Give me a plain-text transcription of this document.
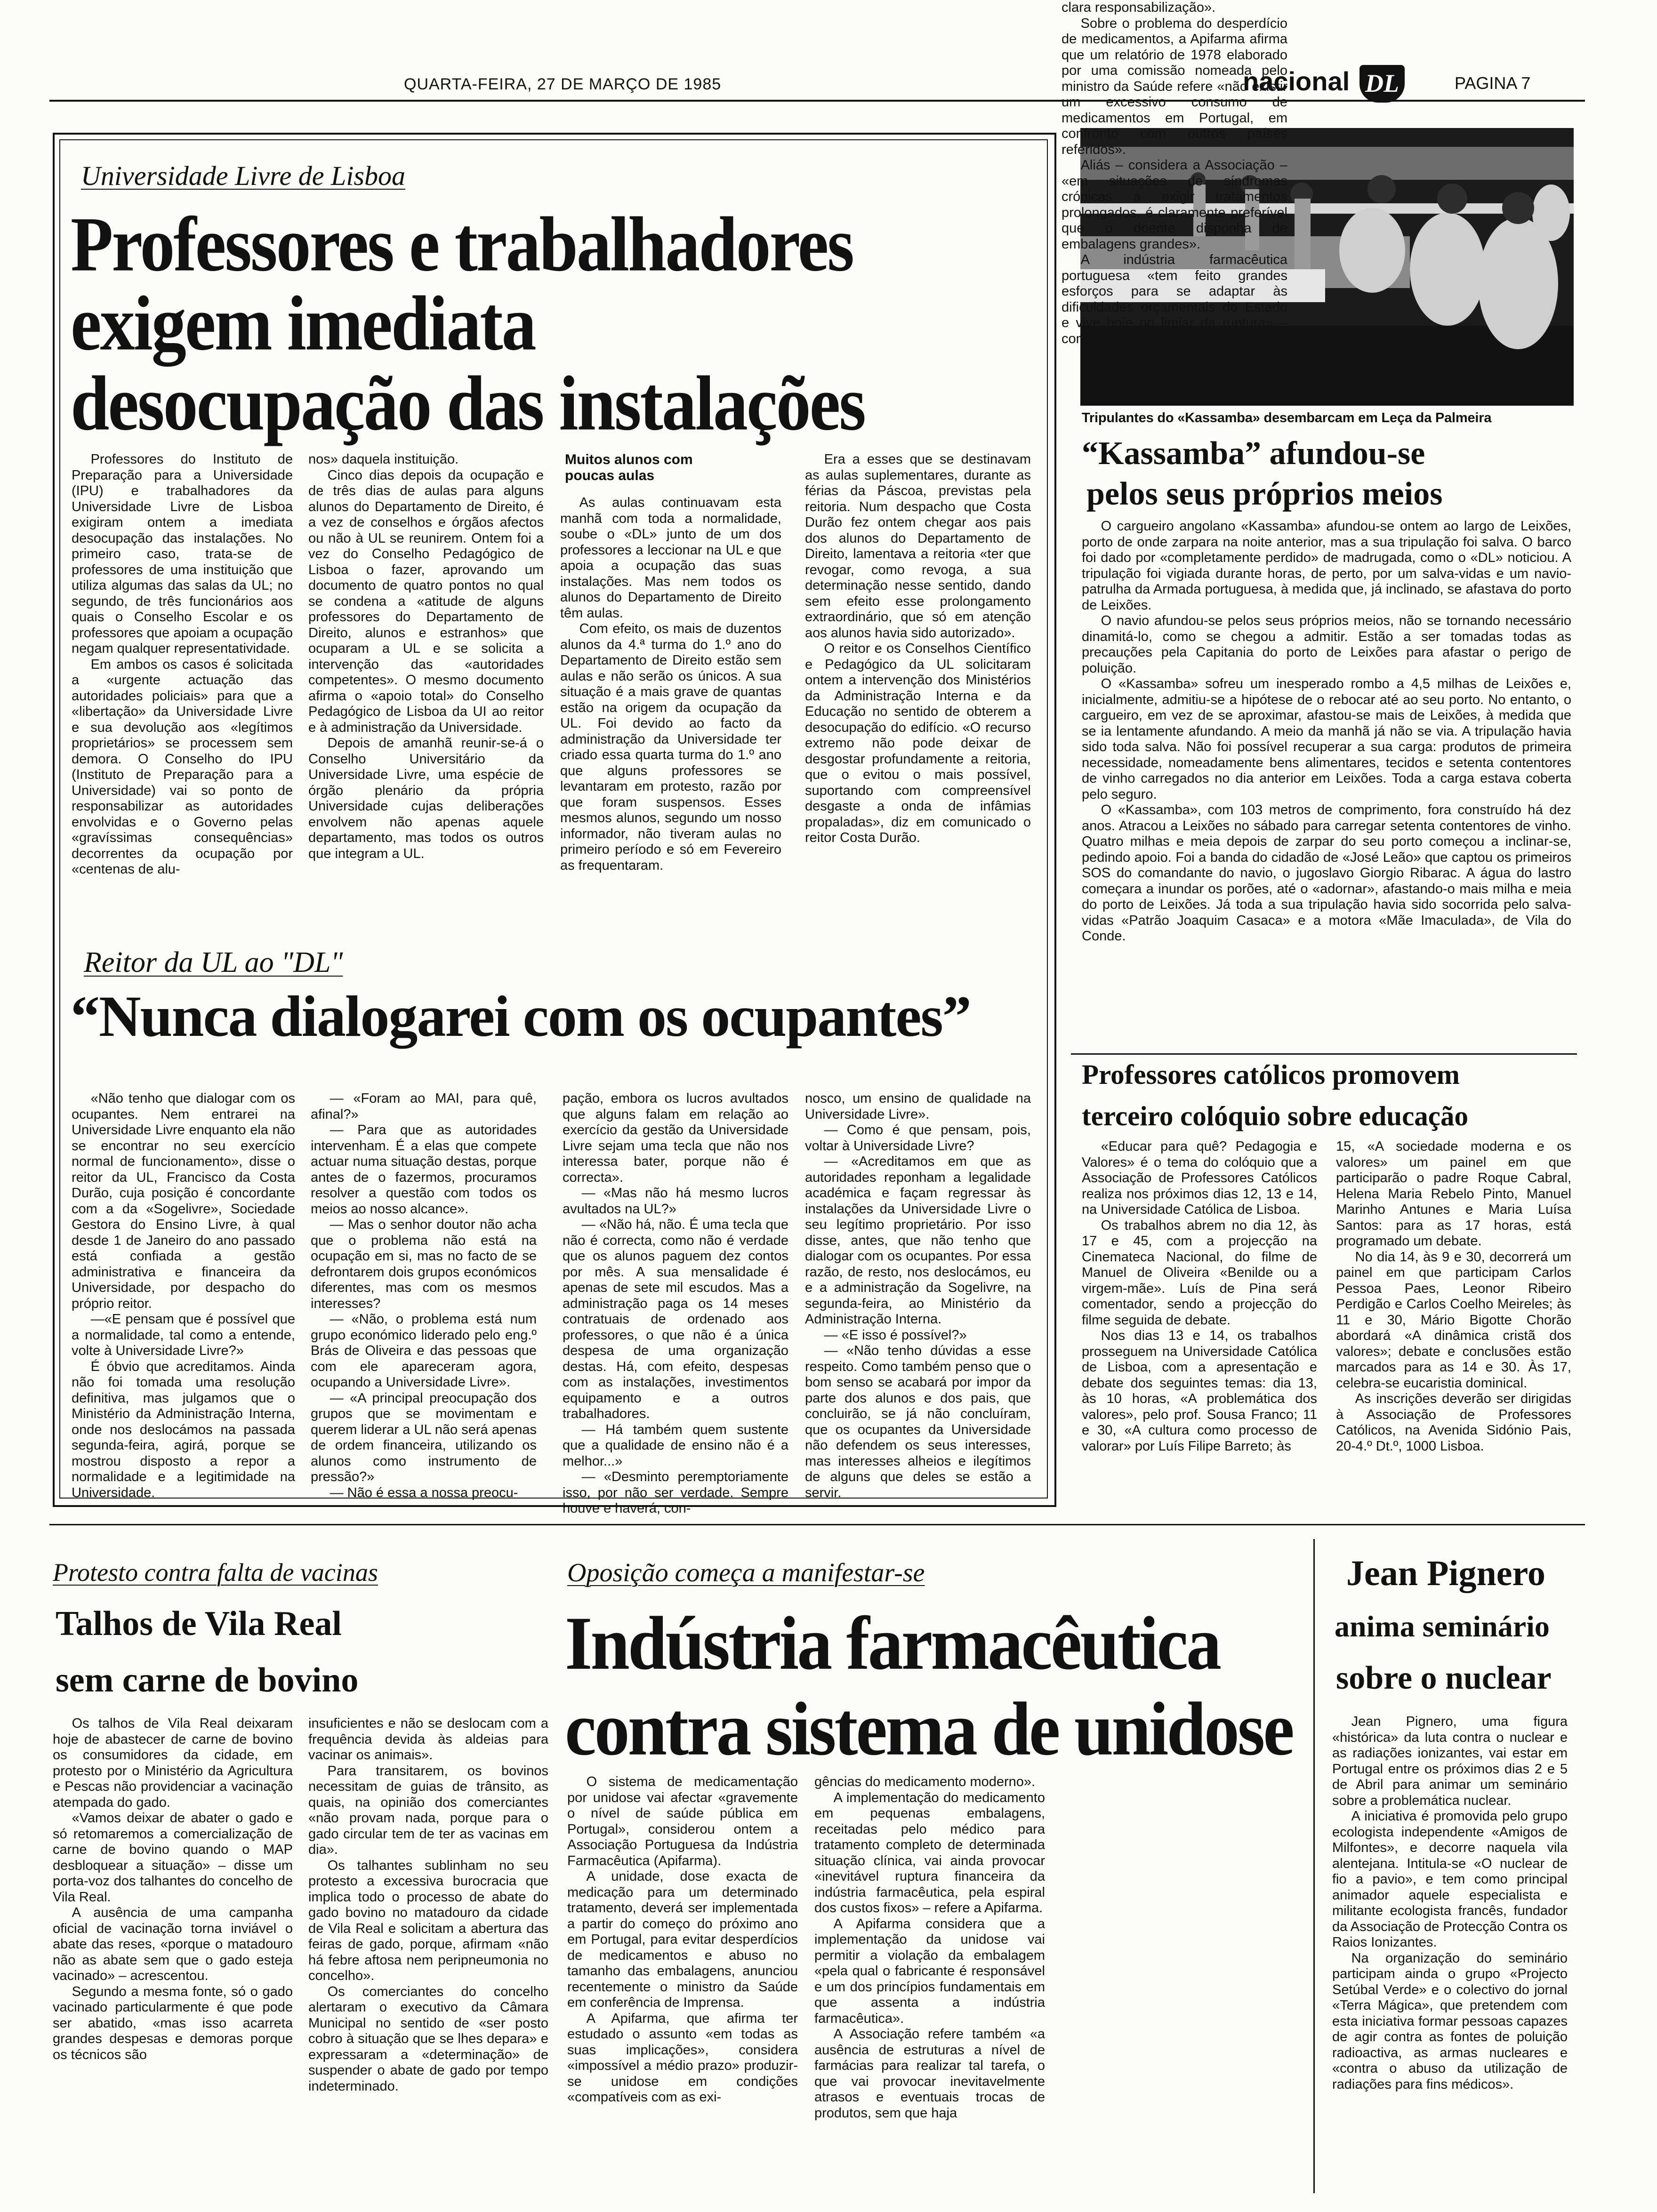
QUARTA-FEIRA, 27 DE MARÇO DE 1985	nacional DL	PAGINA 7
Universidade Livre de Lisboa
Professores e trabalhadores
exigem imediata
desocupação das instalações

Professores do Instituto de Preparação para a Universidade (IPU) e trabalhadores da Universidade Livre de Lisboa exigiram ontem a imediata desocupação das instalações. No primeiro caso, trata-se de professores de uma instituição que utiliza algumas das salas da UL; no segundo, de três funcionários aos quais o Conselho Escolar e os professores que apoiam a ocupação negam qualquer representatividade.

Em ambos os casos é solicitada a «urgente actuação das autoridades policiais» para que a «libertação» da Universidade Livre e sua devolução aos «legítimos proprietários» se processem sem demora. O Conselho do IPU (Instituto de Preparação para a Universidade) vai so ponto de responsabilizar as autoridades envolvidas e o Governo pelas «gravíssimas consequências» decorrentes da ocupação por «centenas de alu-

nos» daquela instituição.

Cinco dias depois da ocupação e de três dias de aulas para alguns alunos do Departamento de Direito, é a vez de conselhos e órgãos afectos ou não à UL se reunirem. Ontem foi a vez do Conselho Pedagógico de Lisboa o fazer, aprovando um documento de quatro pontos no qual se condena a «atitude de alguns professores do Departamento de Direito, alunos e estranhos» que ocuparam a UL e se solicita a intervenção das «autoridades competentes». O mesmo documento afirma o «apoio total» do Conselho Pedagógico de Lisboa da UI ao reitor e à administração da Universidade.

Depois de amanhã reunir-se-á o Conselho Universitário da Universidade Livre, uma espécie de órgão plenário da própria Universidade cujas deliberações envolvem não apenas aquele departamento, mas todos os outros que integram a UL.

Muitos alunos com poucas aulas

As aulas continuavam esta manhã com toda a normalidade, soube o «DL» junto de um dos professores a leccionar na UL e que apoia a ocupação das suas instalações. Mas nem todos os alunos do Departamento de Direito têm aulas.

Com efeito, os mais de duzentos alunos da 4.ª turma do 1.º ano do Departamento de Direito estão sem aulas e não serão os únicos. A sua situação é a mais grave de quantas estão na origem da ocupação da UL. Foi devido ao facto da administração da Universidade ter criado essa quarta turma do 1.º ano que alguns professores se levantaram em protesto, razão por que foram suspensos. Esses mesmos alunos, segundo um nosso informador, não tiveram aulas no primeiro período e só em Fevereiro as frequentaram.

Era a esses que se destinavam as aulas suplementares, durante as férias da Páscoa, previstas pela reitoria. Num despacho que Costa Durão fez ontem chegar aos pais dos alunos do Departamento de Direito, lamentava a reitoria «ter que revogar, como revoga, a sua determinação nesse sentido, dando sem efeito esse prolongamento extraordinário, que só em atenção aos alunos havia sido autorizado».

O reitor e os Conselhos Científico e Pedagógico da UL solicitaram ontem a intervenção dos Ministérios da Administração Interna e da Educação no sentido de obterem a desocupação do edifício. «O recurso extremo não pode deixar de desgostar profundamente a reitoria, que o evitou o mais possível, suportando com compreensível desgaste a onda de infâmias propaladas», diz em comunicado o reitor Costa Durão.

Reitor da UL ao "DL"
“Nunca dialogarei com os ocupantes”

«Não tenho que dialogar com os ocupantes. Nem entrarei na Universidade Livre enquanto ela não se encontrar no seu exercício normal de funcionamento», disse o reitor da UL, Francisco da Costa Durão, cuja posição é concordante com a da «Sogelivre», Sociedade Gestora do Ensino Livre, à qual desde 1 de Janeiro do ano passado está confiada a gestão administrativa e financeira da Universidade, por despacho do próprio reitor.

—«E pensam que é possível que a normalidade, tal como a entende, volte à Universidade Livre?»

É óbvio que acreditamos. Ainda não foi tomada uma resolução definitiva, mas julgamos que o Ministério da Administração Interna, onde nos deslocámos na passada segunda-feira, agirá, porque se mostrou disposto a repor a normalidade e a legitimidade na Universidade.

— «Foram ao MAI, para quê, afinal?»

— Para que as autoridades intervenham. É a elas que compete actuar numa situação destas, porque antes de o fazermos, procuramos resolver a questão com todos os meios ao nosso alcance».

— Mas o senhor doutor não acha que o problema não está na ocupação em si, mas no facto de se defrontarem dois grupos económicos diferentes, mas com os mesmos interesses?

— «Não, o problema está num grupo económico liderado pelo eng.º Brás de Oliveira e das pessoas que com ele apareceram agora, ocupando a Universidade Livre».

— «A principal preocupação dos grupos que se movimentam e querem liderar a UL não será apenas de ordem financeira, utilizando os alunos como instrumento de pressão?»

— Não é essa a nossa preocu-

pação, embora os lucros avultados que alguns falam em relação ao exercício da gestão da Universidade Livre sejam uma tecla que não nos interessa bater, porque não é correcta».

— «Mas não há mesmo lucros avultados na UL?»

— «Não há, não. É uma tecla que não é correcta, como não é verdade que os alunos paguem dez contos por mês. A sua mensalidade é apenas de sete mil escudos. Mas a administração paga os 14 meses contratuais de ordenado aos professores, o que não é a única despesa de uma organização destas. Há, com efeito, despesas com as instalações, investimentos equipamento e a outros trabalhadores.

— Há também quem sustente que a qualidade de ensino não é a melhor...»

— «Desminto peremptoriamente isso, por não ser verdade. Sempre houve e haverá, con-

nosco, um ensino de qualidade na Universidade Livre».

— Como é que pensam, pois, voltar à Universidade Livre?

— «Acreditamos em que as autoridades reponham a legalidade académica e façam regressar às instalações da Universidade Livre o seu legítimo proprietário. Por isso disse, antes, que não tenho que dialogar com os ocupantes. Por essa razão, de resto, nos deslocámos, eu e a administração da Sogelivre, na segunda-feira, ao Ministério da Administração Interna.

— «E isso é possível?»

— «Não tenho dúvidas a esse respeito. Como também penso que o bom senso se acabará por impor da parte dos alunos e dos pais, que concluirão, se já não concluíram, que os ocupantes da Universidade não defendem os seus interesses, mas interesses alheios e ilegítimos de alguns que deles se estão a servir.

Tripulantes do «Kassamba» desembarcam em Leça da Palmeira
“Kassamba” afundou-se
pelos seus próprios meios

O cargueiro angolano «Kassamba» afundou-se ontem ao largo de Leixões, porto de onde zarpara na noite anterior, mas a sua tripulação foi salva. O barco foi dado por «completamente perdido» de madrugada, como o «DL» noticiou. A tripulação foi vigiada durante horas, de perto, por um salva-vidas e um navio-patrulha da Armada portuguesa, à medida que, já inclinado, se afastava do porto de Leixões.

O navio afundou-se pelos seus próprios meios, não se tornando necessário dinamitá-lo, como se chegou a admitir. Estão a ser tomadas todas as precauções pela Capitania do porto de Leixões para afastar o perigo de poluição.

O «Kassamba» sofreu um inesperado rombo a 4,5 milhas de Leixões e, inicialmente, admitiu-se a hipótese de o rebocar até ao seu porto. No entanto, o cargueiro, em vez de se aproximar, afastou-se mais de Leixões, à medida que se ia lentamente afundando. A meio da manhã já não se via. A tripulação havia sido toda salva. Não foi possível recuperar a sua carga: produtos de primeira necessidade, nomeadamente bens alimentares, tecidos e setenta contentores de vinho carregados no dia anterior em Leixões. Toda a carga estava coberta pelo seguro.

O «Kassamba», com 103 metros de comprimento, fora construído há dez anos. Atracou a Leixões no sábado para carregar setenta contentores de vinho. Quatro milhas e meia depois de zarpar do seu porto começou a inclinar-se, pedindo apoio. Foi a banda do cidadão de «José Leão» que captou os primeiros SOS do comandante do navio, o jugoslavo Giorgio Ribarac. A água do lastro começara a inundar os porões, até o «adornar», afastando-o mais milha e meia do porto de Leixões. Já toda a sua tripulação havia sido socorrida pelo salva-vidas «Patrão Joaquim Casaca» e a motora «Mãe Imaculada», de Vila do Conde.

Professores católicos promovem
terceiro colóquio sobre educação

«Educar para quê? Pedagogia e Valores» é o tema do colóquio que a Associação de Professores Católicos realiza nos próximos dias 12, 13 e 14, na Universidade Católica de Lisboa.

Os trabalhos abrem no dia 12, às 17 e 45, com a projecção na Cinemateca Nacional, do filme de Manuel de Oliveira «Benilde ou a virgem-mãe». Luís de Pina será comentador, sendo a projecção do filme seguida de debate.

Nos dias 13 e 14, os trabalhos prosseguem na Universidade Católica de Lisboa, com a apresentação e debate dos seguintes temas: dia 13, às 10 horas, «A problemática dos valores», pelo prof. Sousa Franco; 11 e 30, «A cultura como processo de valorar» por Luís Filipe Barreto; às

15, «A sociedade moderna e os valores» um painel em que participarão o padre Roque Cabral, Helena Maria Rebelo Pinto, Manuel Marinho Antunes e Maria Luísa Santos: para as 17 horas, está programado um debate.

No dia 14, às 9 e 30, decorrerá um painel em que participam Carlos Pessoa Paes, Leonor Ribeiro Perdigão e Carlos Coelho Meireles; às 11 e 30, Mário Bigotte Chorão abordará «A dinâmica cristã dos valores»; debate e conclusões estão marcados para as 14 e 30. Às 17, celebra-se eucaristia dominical.

As inscrições deverão ser dirigidas à Associação de Professores Católicos, na Avenida Sidónio Pais, 20-4.º Dt.º, 1000 Lisboa.

Protesto contra falta de vacinas
Talhos de Vila Real
sem carne de bovino

Os talhos de Vila Real deixaram hoje de abastecer de carne de bovino os consumidores da cidade, em protesto por o Ministério da Agricultura e Pescas não providenciar a vacinação atempada do gado.

«Vamos deixar de abater o gado e só retomaremos a comercialização de carne de bovino quando o MAP desbloquear a situação» – disse um porta-voz dos talhantes do concelho de Vila Real.

A ausência de uma campanha oficial de vacinação torna inviável o abate das reses, «porque o matadouro não as abate sem que o gado esteja vacinado» – acrescentou.

Segundo a mesma fonte, só o gado vacinado particularmente é que pode ser abatido, «mas isso acarreta grandes despesas e demoras porque os técnicos são

insuficientes e não se deslocam com a frequência devida às aldeias para vacinar os animais».

Para transitarem, os bovinos necessitam de guias de trânsito, as quais, na opinião dos comerciantes «não provam nada, porque para o gado circular tem de ter as vacinas em dia».

Os talhantes sublinham no seu protesto a excessiva burocracia que implica todo o processo de abate do gado bovino no matadouro da cidade de Vila Real e solicitam a abertura das feiras de gado, porque, afirmam «não há febre aftosa nem peripneumonia no concelho».

Os comerciantes do concelho alertaram o executivo da Câmara Municipal no sentido de «ser posto cobro à situação que se lhes depara» e expressaram a «determinação» de suspender o abate de gado por tempo indeterminado.

Oposição começa a manifestar-se
Indústria farmacêutica
contra sistema de unidose

O sistema de medicamentação por unidose vai afectar «gravemente o nível de saúde pública em Portugal», considerou ontem a Associação Portuguesa da Indústria Farmacêutica (Apifarma).

A unidade, dose exacta de medicação para um determinado tratamento, deverá ser implementada a partir do começo do próximo ano em Portugal, para evitar desperdícios de medicamentos e abuso no tamanho das embalagens, anunciou recentemente o ministro da Saúde em conferência de Imprensa.

A Apifarma, que afirma ter estudado o assunto «em todas as suas implicações», considera «impossível a médio prazo» produzir-se unidose em condições «compatíveis com as exi-

gências do medicamento moderno».

A implementação do medicamento em pequenas embalagens, receitadas pelo médico para tratamento completo de determinada situação clínica, vai ainda provocar «inevitável ruptura financeira da indústria farmacêutica, pela espiral dos custos fixos» – refere a Apifarma.

A Apifarma considera que a implementação da unidose vai permitir a violação da embalagem «pela qual o fabricante é responsável e um dos princípios fundamentais em que assenta a indústria farmacêutica».

A Associação refere também «a ausência de estruturas a nível de farmácias para realizar tal tarefa, o que vai provocar inevitavelmente atrasos e eventuais trocas de produtos, sem que haja

clara responsabilização».

Sobre o problema do desperdício de medicamentos, a Apifarma afirma que um relatório de 1978 elaborado por uma comissão nomeada pelo ministro da Saúde refere «não existir um excessivo consumo de medicamentos em Portugal, em confronto com outros países referidos».

Aliás – considera a Associação – «em situações de síndromas crónicas a exigir tratamentos prolongados, é claramente preferível que o doente disponha de embalagens grandes».

A indústria farmacêutica portuguesa «tem feito grandes esforços para se adaptar às dificuldades orçamentais do Estado e vive hoje no limiar da ruptura» – concluí a Associação.

Jean Pignero
anima seminário
sobre o nuclear

Jean Pignero, uma figura «histórica» da luta contra o nuclear e as radiações ionizantes, vai estar em Portugal entre os próximos dias 2 e 5 de Abril para animar um seminário sobre a problemática nuclear.

A iniciativa é promovida pelo grupo ecologista independente «Amigos de Milfontes», e decorre naquela vila alentejana. Intitula-se «O nuclear de fio a pavio», e tem como principal animador aquele especialista e militante ecologista francês, fundador da Associação de Protecção Contra os Raios Ionizantes.

Na organização do seminário participam ainda o grupo «Projecto Setúbal Verde» e o colectivo do jornal «Terra Mágica», que pretendem com esta iniciativa formar pessoas capazes de agir contra as fontes de poluição radioactiva, as armas nucleares e «contra o abuso da utilização de radiações para fins médicos».
